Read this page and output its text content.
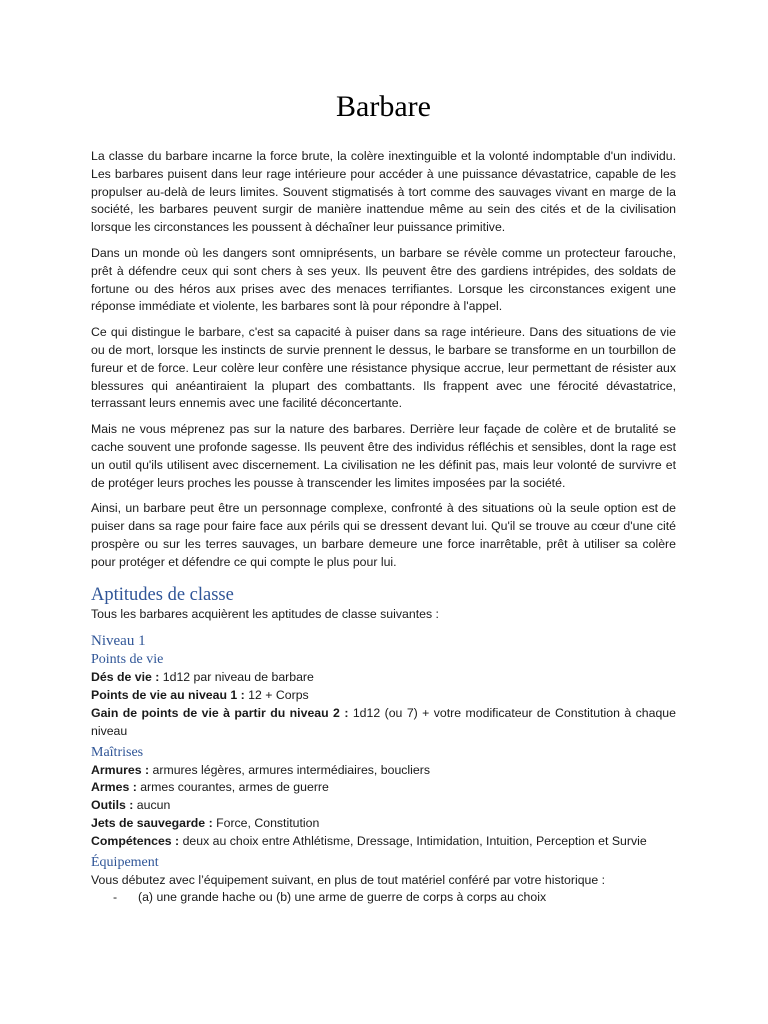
Barbare

La classe du barbare incarne la force brute, la colère inextinguible et la volonté indomptable d'un individu. Les barbares puisent dans leur rage intérieure pour accéder à une puissance dévastatrice, capable de les propulser au-delà de leurs limites. Souvent stigmatisés à tort comme des sauvages vivant en marge de la société, les barbares peuvent surgir de manière inattendue même au sein des cités et de la civilisation lorsque les circonstances les poussent à déchaîner leur puissance primitive.

Dans un monde où les dangers sont omniprésents, un barbare se révèle comme un protecteur farouche, prêt à défendre ceux qui sont chers à ses yeux. Ils peuvent être des gardiens intrépides, des soldats de fortune ou des héros aux prises avec des menaces terrifiantes. Lorsque les circonstances exigent une réponse immédiate et violente, les barbares sont là pour répondre à l'appel.

Ce qui distingue le barbare, c'est sa capacité à puiser dans sa rage intérieure. Dans des situations de vie ou de mort, lorsque les instincts de survie prennent le dessus, le barbare se transforme en un tourbillon de fureur et de force. Leur colère leur confère une résistance physique accrue, leur permettant de résister aux blessures qui anéantiraient la plupart des combattants. Ils frappent avec une férocité dévastatrice, terrassant leurs ennemis avec une facilité déconcertante.

Mais ne vous méprenez pas sur la nature des barbares. Derrière leur façade de colère et de brutalité se cache souvent une profonde sagesse. Ils peuvent être des individus réfléchis et sensibles, dont la rage est un outil qu'ils utilisent avec discernement. La civilisation ne les définit pas, mais leur volonté de survivre et de protéger leurs proches les pousse à transcender les limites imposées par la société.

Ainsi, un barbare peut être un personnage complexe, confronté à des situations où la seule option est de puiser dans sa rage pour faire face aux périls qui se dressent devant lui. Qu'il se trouve au cœur d'une cité prospère ou sur les terres sauvages, un barbare demeure une force inarrêtable, prêt à utiliser sa colère pour protéger et défendre ce qui compte le plus pour lui.

Aptitudes de classe

Tous les barbares acquièrent les aptitudes de classe suivantes :

Niveau 1
Points de vie

Dés de vie : 1d12 par niveau de barbare

Points de vie au niveau 1 : 12 + Corps

Gain de points de vie à partir du niveau 2 : 1d12 (ou 7) + votre modificateur de Constitution à chaque niveau

Maîtrises

Armures : armures légères, armures intermédiaires, boucliers

Armes : armes courantes, armes de guerre

Outils : aucun

Jets de sauvegarde : Force, Constitution

Compétences : deux au choix entre Athlétisme, Dressage, Intimidation, Intuition, Perception et Survie

Équipement

Vous débutez avec l’équipement suivant, en plus de tout matériel conféré par votre historique :

- (a) une grande hache ou (b) une arme de guerre de corps à corps au choix
